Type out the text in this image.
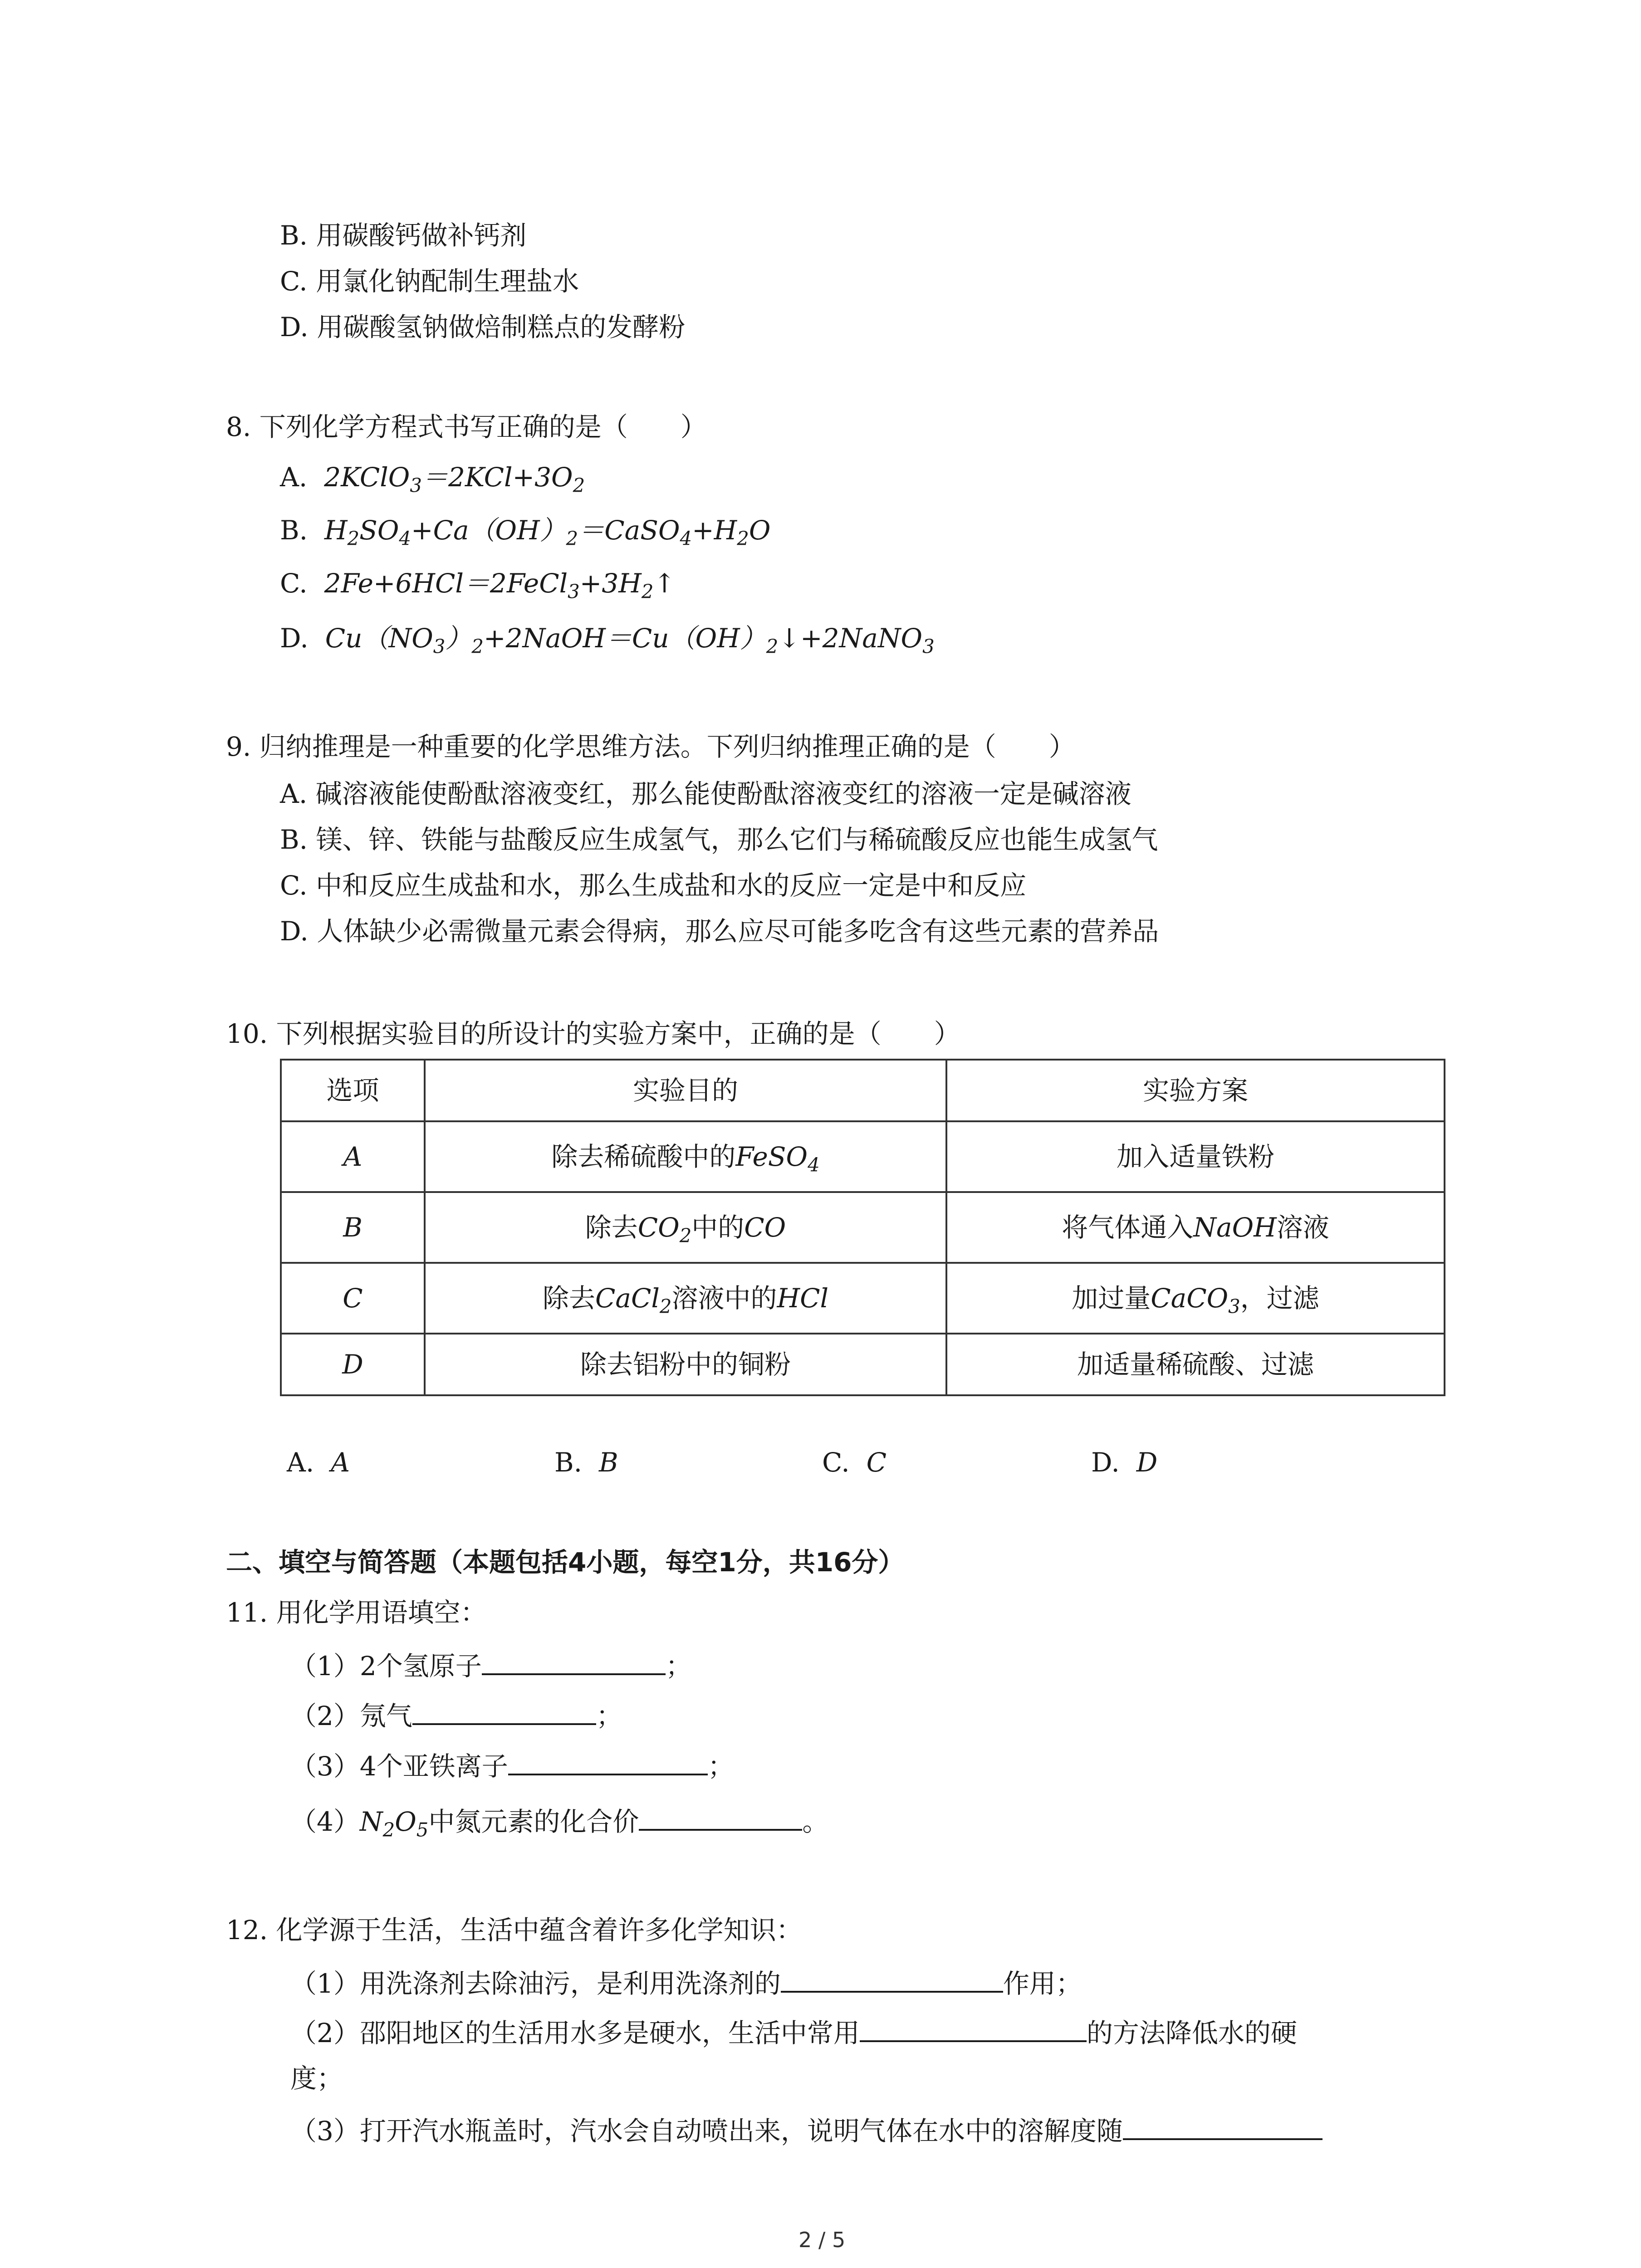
B. 用碳酸钙做补钙剂
C. 用氯化钠配制生理盐水
D. 用碳酸氢钠做焙制糕点的发酵粉
8. 下列化学方程式书写正确的是（　　）
A. $2KClO_3=2KCl+3O_2$
B. $H_2SO_4+Ca(OH)_2=CaSO_4+H_2O$
C. $2Fe+6HCl=2FeCl_3+3H_2↑$
D. $Cu(NO_3)_2+2NaOH=Cu(OH)_2↓+2NaNO_3$
9. 归纳推理是一种重要的化学思维方法。下列归纳推理正确的是（　　）
A. 碱溶液能使酚酞溶液变红，那么能使酚酞溶液变红的溶液一定是碱溶液
B. 镁、锌、铁能与盐酸反应生成氢气，那么它们与稀硫酸反应也能生成氢气
C. 中和反应生成盐和水，那么生成盐和水的反应一定是中和反应
D. 人体缺少必需微量元素会得病，那么应尽可能多吃含有这些元素的营养品
10. 下列根据实验目的所设计的实验方案中，正确的是（　　）
选项	实验目的	实验方案
A	除去稀硫酸中的FeSO$_4$	加入适量铁粉
B	除去$CO_2$中的CO	将气体通入NaOH溶液
C	除去CaCl$_2$溶液中的HCl	加过量CaCO$_3$，过滤
D	除去铝粉中的铜粉	加适量稀硫酸、过滤
A. A	B. B	C. C	D. D
二、填空与简答题（本题包括4小题，每空1分，共16分）
11. 用化学用语填空：
（1）2个氢原子	；
（2）氖气	；
（3）4个亚铁离子	；
$(4)N_2O_5$中氮元素的化合价	。
12. 化学源于生活，生活中蕴含着许多化学知识：
（1）用洗涤剂去除油污，是利用洗涤剂的	作用；
（2）邵阳地区的生活用水多是硬水，生活中常用	的方法降低水的硬
度；
（3）打开汽水瓶盖时，汽水会自动喷出来，说明气体在水中的溶解度随
2 / 5
